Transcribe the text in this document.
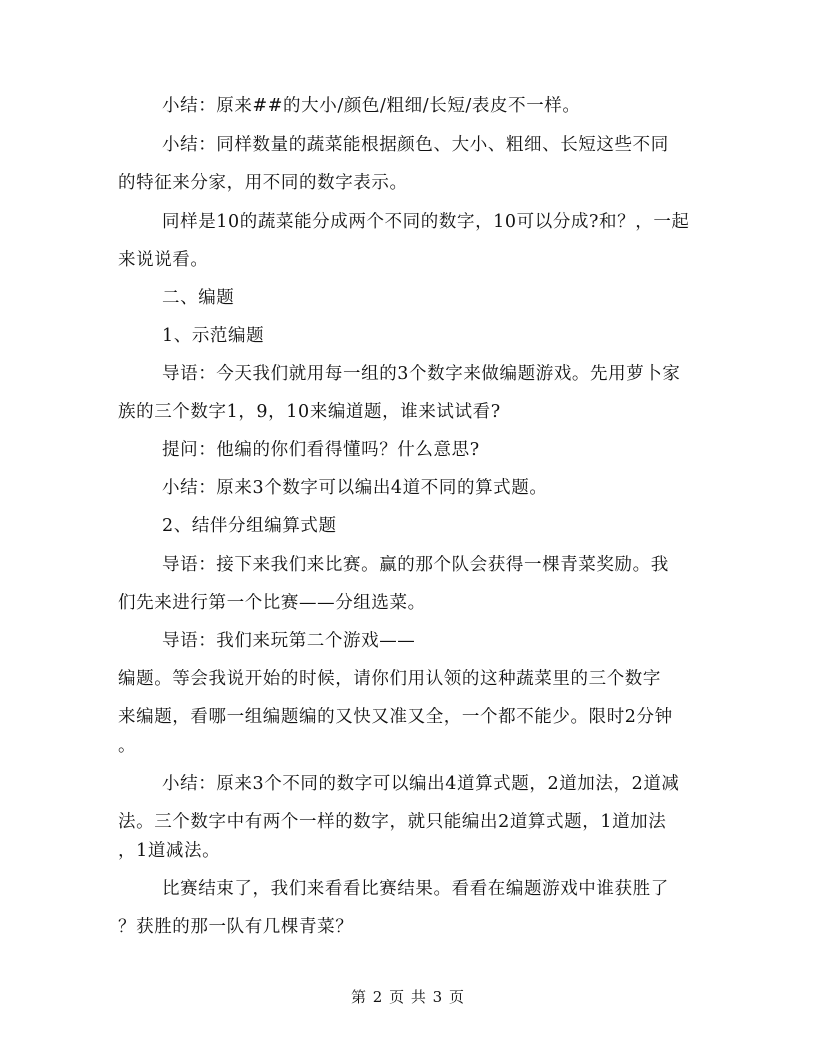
小结：原来##的大小/颜色/粗细/长短/表皮不一样。
小结：同样数量的蔬菜能根据颜色、大小、粗细、长短这些不同
的特征来分家，用不同的数字表示。
同样是10的蔬菜能分成两个不同的数字，10可以分成?和？，一起
来说说看。
二、编题
1、示范编题
导语：今天我们就用每一组的3个数字来做编题游戏。先用萝卜家
族的三个数字1，9，10来编道题，谁来试试看?
提问：他编的你们看得懂吗？什么意思?
小结：原来3个数字可以编出4道不同的算式题。
2、结伴分组编算式题
导语：接下来我们来比赛。赢的那个队会获得一棵青菜奖励。我
们先来进行第一个比赛——分组选菜。
导语：我们来玩第二个游戏——
编题。等会我说开始的时候，请你们用认领的这种蔬菜里的三个数字
来编题，看哪一组编题编的又快又准又全，一个都不能少。限时2分钟
。
小结：原来3个不同的数字可以编出4道算式题，2道加法，2道减
法。三个数字中有两个一样的数字，就只能编出2道算式题，1道加法
，1道减法。
比赛结束了，我们来看看比赛结果。看看在编题游戏中谁获胜了
？获胜的那一队有几棵青菜？
第 2 页 共 3 页
